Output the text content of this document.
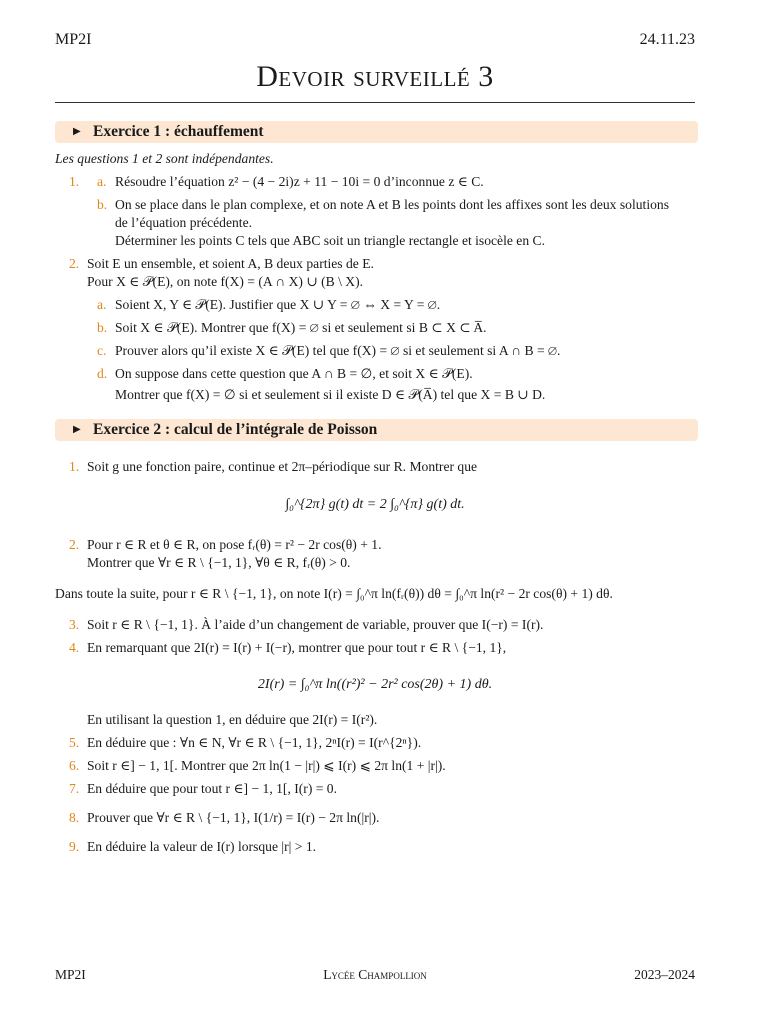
MP2I	24.11.23
Devoir surveillé 3
▶ Exercice 1 : échauffement
Les questions 1 et 2 sont indépendantes.
1. a. Résoudre l’équation z² − (4 − 2i)z + 11 − 10i = 0 d’inconnue z ∈ C.
b. On se place dans le plan complexe, et on note A et B les points dont les affixes sont les deux solutions
de l’équation précédente.
Déterminer les points C tels que ABC soit un triangle rectangle et isocèle en C.
2. Soit E un ensemble, et soient A, B deux parties de E.
Pour X ∈ 𝒫(E), on note f(X) = (A ∩ X) ∪ (B \ X).
a. Soient X, Y ∈ 𝒫(E). Justifier que X ∪ Y = ∅ ⇔ X = Y = ∅.
b. Soit X ∈ 𝒫(E). Montrer que f(X) = ∅ si et seulement si B ⊂ X ⊂ A̅.
c. Prouver alors qu’il existe X ∈ 𝒫(E) tel que f(X) = ∅ si et seulement si A ∩ B = ∅.
d. On suppose dans cette question que A ∩ B = ∅, et soit X ∈ 𝒫(E).
Montrer que f(X) = ∅ si et seulement si il existe D ∈ 𝒫(A̅) tel que X = B ∪ D.
▶ Exercice 2 : calcul de l’intégrale de Poisson
1. Soit g une fonction paire, continue et 2π–périodique sur R. Montrer que
∫₀^{2π} g(t) dt = 2 ∫₀^{π} g(t) dt.
2. Pour r ∈ R et θ ∈ R, on pose fᵣ(θ) = r² − 2r cos(θ) + 1.
Montrer que ∀r ∈ R \ {−1, 1}, ∀θ ∈ R, fᵣ(θ) > 0.
Dans toute la suite, pour r ∈ R \ {−1, 1}, on note I(r) = ∫₀^π ln(fᵣ(θ)) dθ = ∫₀^π ln(r² − 2r cos(θ) + 1) dθ.
3. Soit r ∈ R \ {−1, 1}. À l’aide d’un changement de variable, prouver que I(−r) = I(r).
4. En remarquant que 2I(r) = I(r) + I(−r), montrer que pour tout r ∈ R \ {−1, 1},
2I(r) = ∫₀^π ln((r²)² − 2r² cos(2θ) + 1) dθ.
En utilisant la question 1, en déduire que 2I(r) = I(r²).
5. En déduire que : ∀n ∈ N, ∀r ∈ R \ {−1, 1}, 2ⁿI(r) = I(r^{2ⁿ}).
6. Soit r ∈] − 1, 1[. Montrer que 2π ln(1 − |r|) ⩽ I(r) ⩽ 2π ln(1 + |r|).
7. En déduire que pour tout r ∈] − 1, 1[, I(r) = 0.
8. Prouver que ∀r ∈ R \ {−1, 1}, I(1/r) = I(r) − 2π ln(|r|).
9. En déduire la valeur de I(r) lorsque |r| > 1.
MP2I	Lycée Champollion	2023–2024
